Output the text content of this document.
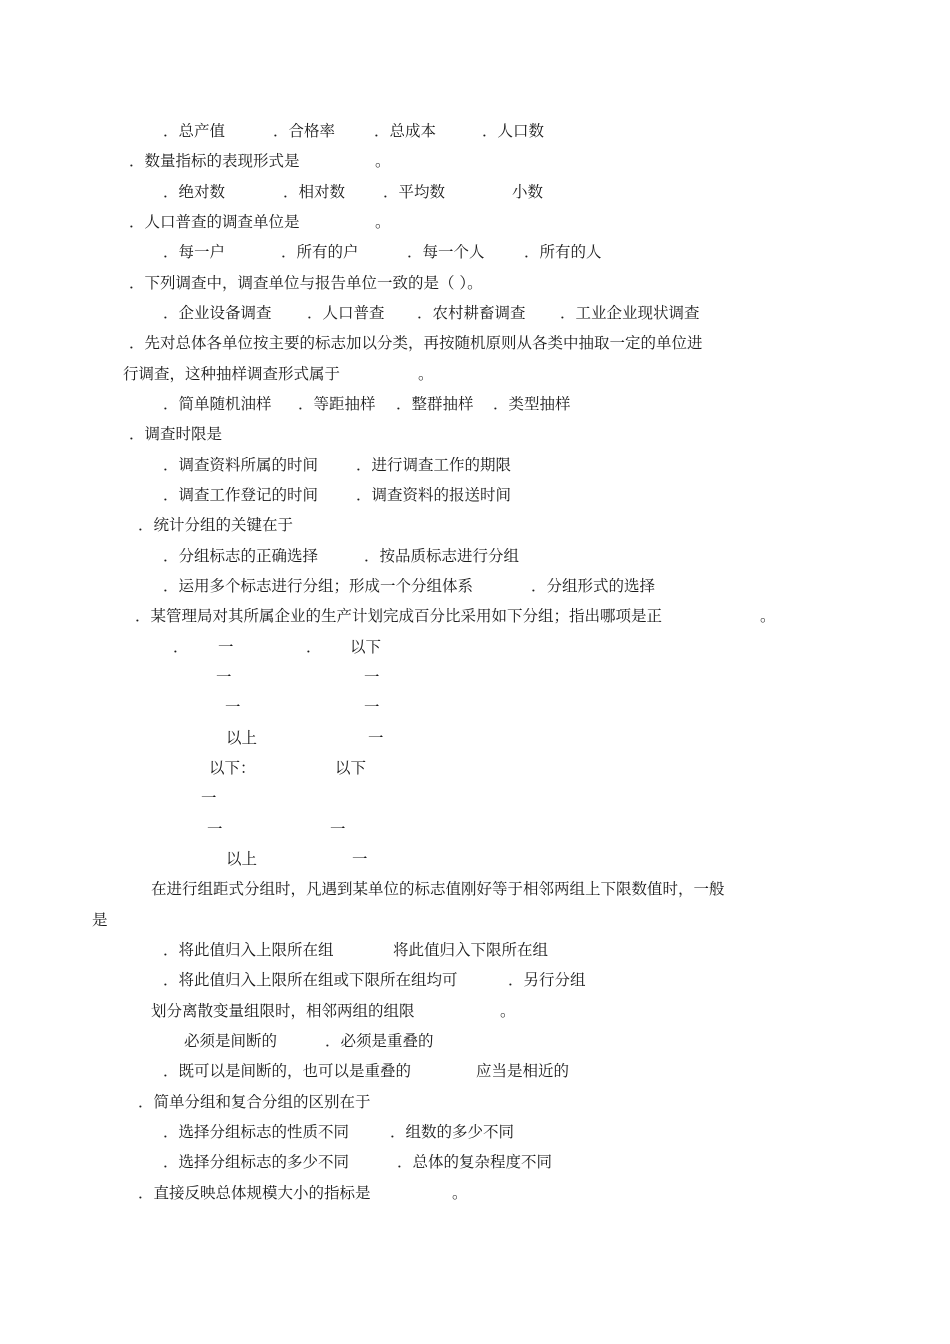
．总产值	．合格率	．总成本	．人口数
．数量指标的表现形式是	。
．绝对数	．相对数 ．平均数	小数
．人口普查的调查单位是	。
．每一户	．所有的户	．每一个人	．所有的人
．下列调查中，调查单位与报告单位一致的是（ ）。
．企业设备调查 ．人口普查 ．农村耕畜调查 ．工业企业现状调查
．先对总体各单位按主要的标志加以分类，再按随机原则从各类中抽取一定的单位进
行调查，这种抽样调查形式属于	。
．简单随机油样 ．等距抽样 ．整群抽样 ．类型抽样
．调查时限是
．调查资料所属的时间 ．进行调查工作的期限
．调查工作登记的时间 ．调查资料的报送时间
．统计分组的关键在于
．分组标志的正确选择	．按品质标志进行分组
．运用多个标志进行分组；形成一个分组体系	．分组形式的选择
．某管理局对其所属企业的生产计划完成百分比采用如下分组；指出哪项是正	。
． 一	． 以下
一	一
一	一
以上	一
以下：	以下
一
一	一
以上	一
在进行组距式分组时，凡遇到某单位的标志值刚好等于相邻两组上下限数值时，一般
是
．将此值归入上限所在组	将此值归入下限所在组
．将此值归入上限所在组或下限所在组均可	．另行分组
划分离散变量组限时，相邻两组的组限	。
必须是间断的	．必须是重叠的
．既可以是间断的，也可以是重叠的	应当是相近的
．简单分组和复合分组的区别在于
．选择分组标志的性质不同	．组数的多少不同
．选择分组标志的多少不同	．总体的复杂程度不同
．直接反映总体规模大小的指标是	。
